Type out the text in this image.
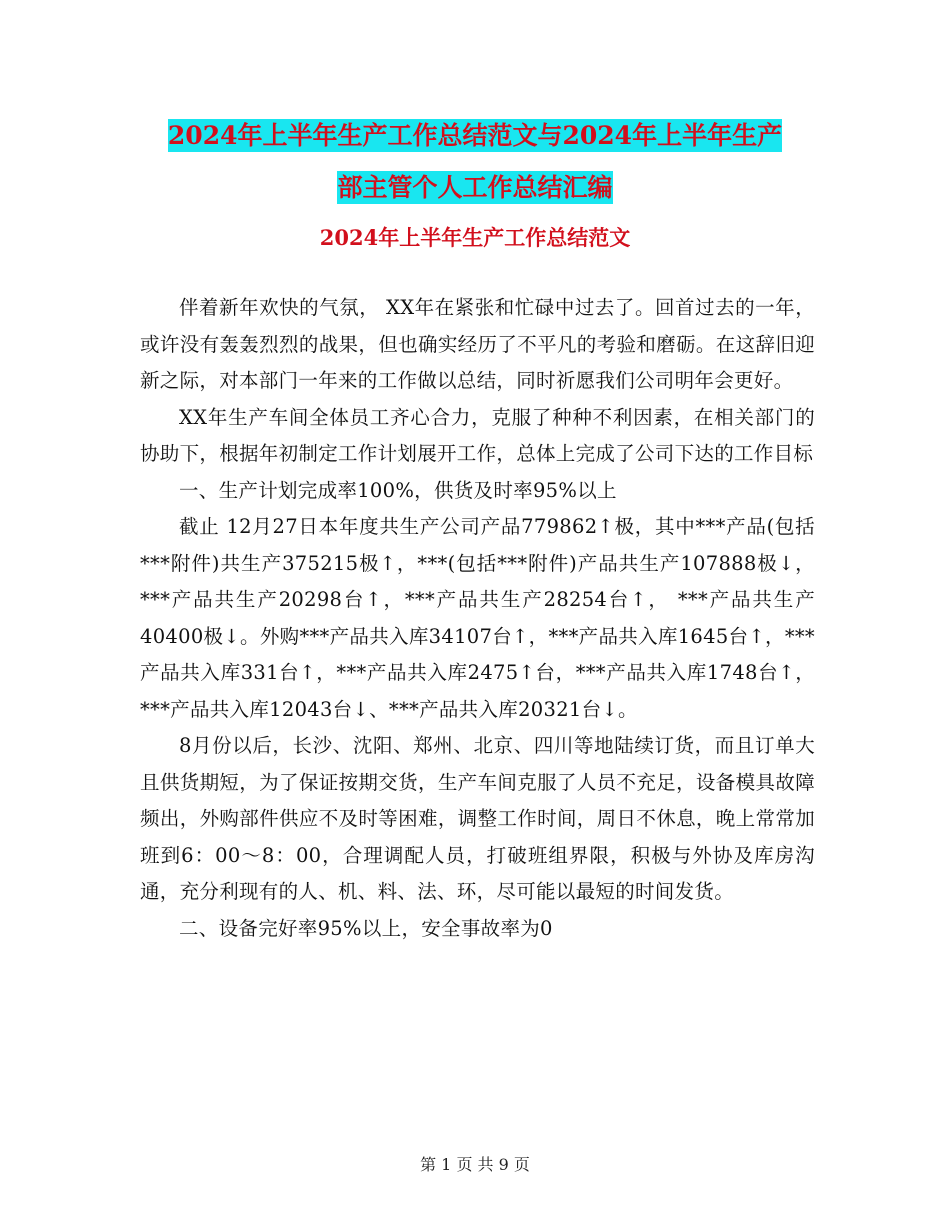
2024年上半年生产工作总结范文与2024年上半年生产
部主管个人工作总结汇编
2024年上半年生产工作总结范文

伴着新年欢快的气氛， XX年在紧张和忙碌中过去了。回首过去的一年，或许没有轰轰烈烈的战果，但也确实经历了不平凡的考验和磨砺。在这辞旧迎新之际，对本部门一年来的工作做以总结，同时祈愿我们公司明年会更好。

XX年生产车间全体员工齐心合力，克服了种种不利因素，在相关部门的协助下，根据年初制定工作计划展开工作，总体上完成了公司下达的工作目标

一、生产计划完成率100%，供货及时率95%以上

截止 12月27日本年度共生产公司产品779862↑极，其中***产品(包括***附件)共生产375215极↑，***(包括***附件)产品共生产107888极↓， ***产品共生产20298台↑，***产品共生产28254台↑， ***产品共生产40400极↓。外购***产品共入库34107台↑，***产品共入库1645台↑，***产品共入库331台↑，***产品共入库2475↑台，***产品共入库1748台↑， ***产品共入库12043台↓、***产品共入库20321台↓。

8月份以后，长沙、沈阳、郑州、北京、四川等地陆续订货，而且订单大且供货期短，为了保证按期交货，生产车间克服了人员不充足，设备模具故障频出，外购部件供应不及时等困难，调整工作时间，周日不休息，晚上常常加班到6：00～8：00，合理调配人员，打破班组界限，积极与外协及库房沟通，充分利现有的人、机、料、法、环，尽可能以最短的时间发货。

二、设备完好率95%以上，安全事故率为0

第 1 页 共 9 页
